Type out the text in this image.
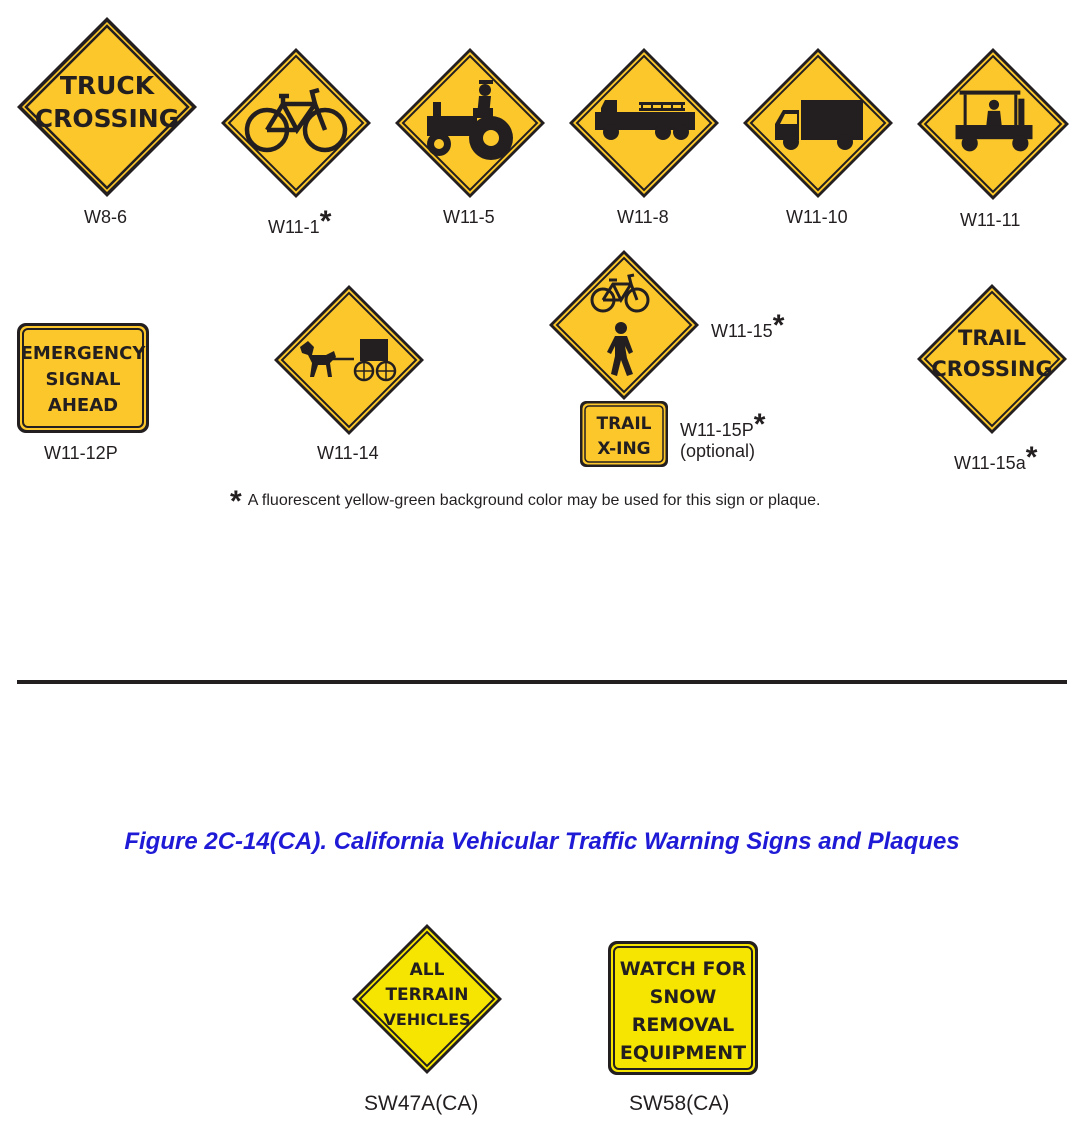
TRUCK
CROSSING
W8-6	W11-1*	W11-5	W11-8	W11-10	W11-11
EMERGENCY
SIGNAL
AHEAD
W11-12P	W11-14
W11-15*
TRAIL
X-ING
W11-15P*
(optional)
TRAIL
CROSSING
W11-15a*
* A fluorescent yellow-green background color may be used for this sign or plaque.
Figure 2C-14(CA). California Vehicular Traffic Warning Signs and Plaques
ALL
TERRAIN
VEHICLES
SW47A(CA)
WATCH FOR
SNOW
REMOVAL
EQUIPMENT
SW58(CA)
